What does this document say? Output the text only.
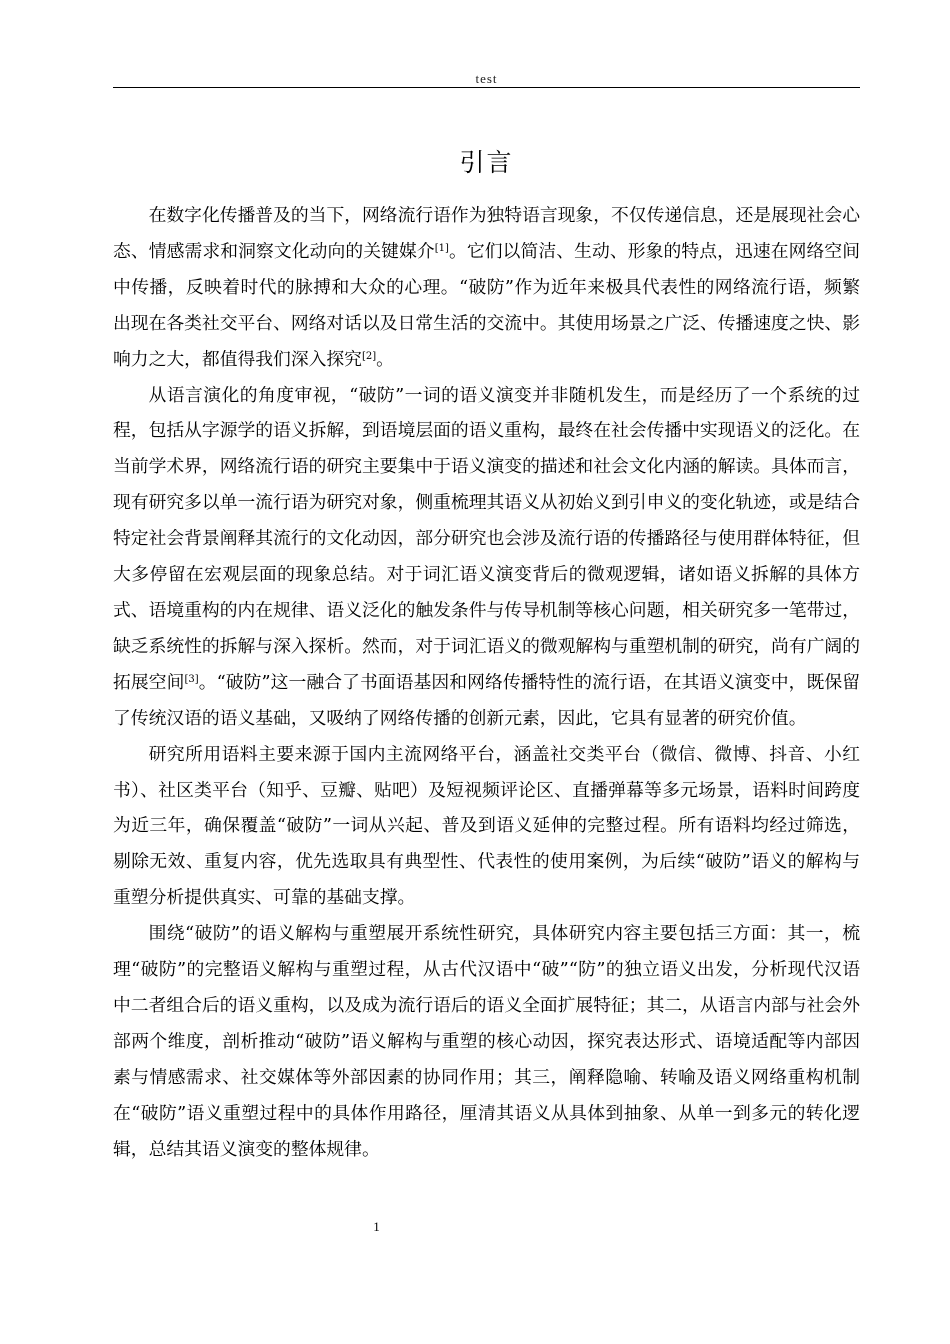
test
引言

在数字化传播普及的当下，网络流行语作为独特语言现象，不仅传递信息，还是展现社会心态、情感需求和洞察文化动向的关键媒介[1]。它们以简洁、生动、形象的特点，迅速在网络空间中传播，反映着时代的脉搏和大众的心理。“破防”作为近年来极具代表性的网络流行语，频繁出现在各类社交平台、网络对话以及日常生活的交流中。其使用场景之广泛、传播速度之快、影响力之大，都值得我们深入探究[2]。

从语言演化的角度审视，“破防”一词的语义演变并非随机发生，而是经历了一个系统的过程，包括从字源学的语义拆解，到语境层面的语义重构，最终在社会传播中实现语义的泛化。在当前学术界，网络流行语的研究主要集中于语义演变的描述和社会文化内涵的解读。具体而言，现有研究多以单一流行语为研究对象，侧重梳理其语义从初始义到引申义的变化轨迹，或是结合特定社会背景阐释其流行的文化动因，部分研究也会涉及流行语的传播路径与使用群体特征，但大多停留在宏观层面的现象总结。对于词汇语义演变背后的微观逻辑，诸如语义拆解的具体方式、语境重构的内在规律、语义泛化的触发条件与传导机制等核心问题，相关研究多一笔带过，缺乏系统性的拆解与深入探析。然而，对于词汇语义的微观解构与重塑机制的研究，尚有广阔的拓展空间[3]。“破防”这一融合了书面语基因和网络传播特性的流行语，在其语义演变中，既保留了传统汉语的语义基础，又吸纳了网络传播的创新元素，因此，它具有显著的研究价值。

研究所用语料主要来源于国内主流网络平台，涵盖社交类平台（微信、微博、抖音、小红书）、社区类平台（知乎、豆瓣、贴吧）及短视频评论区、直播弹幕等多元场景，语料时间跨度为近三年，确保覆盖“破防”一词从兴起、普及到语义延伸的完整过程。所有语料均经过筛选，剔除无效、重复内容，优先选取具有典型性、代表性的使用案例，为后续“破防”语义的解构与重塑分析提供真实、可靠的基础支撑。

围绕“破防”的语义解构与重塑展开系统性研究，具体研究内容主要包括三方面：其一，梳理“破防”的完整语义解构与重塑过程，从古代汉语中“破”“防”的独立语义出发，分析现代汉语中二者组合后的语义重构，以及成为流行语后的语义全面扩展特征；其二，从语言内部与社会外部两个维度，剖析推动“破防”语义解构与重塑的核心动因，探究表达形式、语境适配等内部因素与情感需求、社交媒体等外部因素的协同作用；其三，阐释隐喻、转喻及语义网络重构机制在“破防”语义重塑过程中的具体作用路径，厘清其语义从具体到抽象、从单一到多元的转化逻辑，总结其语义演变的整体规律。

1
